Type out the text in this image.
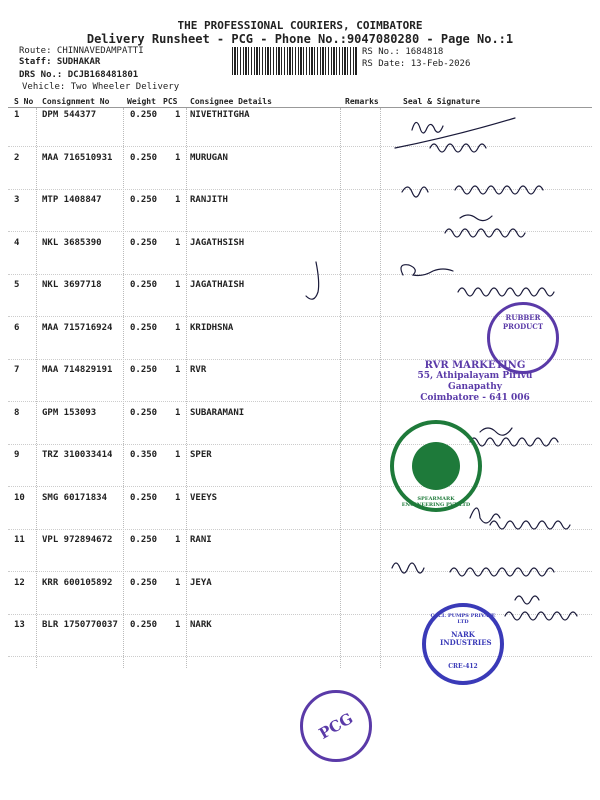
THE PROFESSIONAL COURIERS, COIMBATORE
Delivery Runsheet - PCG - Phone No.:9047080280 - Page No.:1
Route: CHINNAVEDAMPATTI
Staff: SUDHAKAR
DRS No.: DCJB168481801
Vehicle: Two Wheeler Delivery
RS No.: 1684818
RS Date: 13-Feb-2026
S No Consignment No Weight PCS Consignee Details	Remarks	Seal & Signature
1	DPM 544377	0.250 1 NIVETHITGHA
2	MAA 716510931 0.250 1 MURUGAN
3	MTP 1408847	0.250 1 RANJITH
4	NKL 3685390	0.250 1 JAGATHSISH
5	NKL 3697718	0.250 1 JAGATHAISH
6	MAA 715716924 0.250 1 KRIDHSNA
7	MAA 714829191 0.250 1 RVR
8	GPM 153093	0.250 1 SUBARAMANI
9	TRZ 310033414 0.350 1 SPER
10 SMG 60171834	0.250 1 VEEYS
11 VPL 972894672 0.250 1 RANI
12 KRR 600105892 0.250 1 JEYA
13 BLR 1750770037 0.250 1 NARK
RUBBER PRODUCT
RVR MARKETING
55, Athipalayam Pirivu
Ganapathy
Coimbatore - 641 006
SPEARMARK ENGINEERING PVT LTD
C.R.I. PUMPS PRIVATE LTD
NARK INDUSTRIES
CRE-412
PCG
